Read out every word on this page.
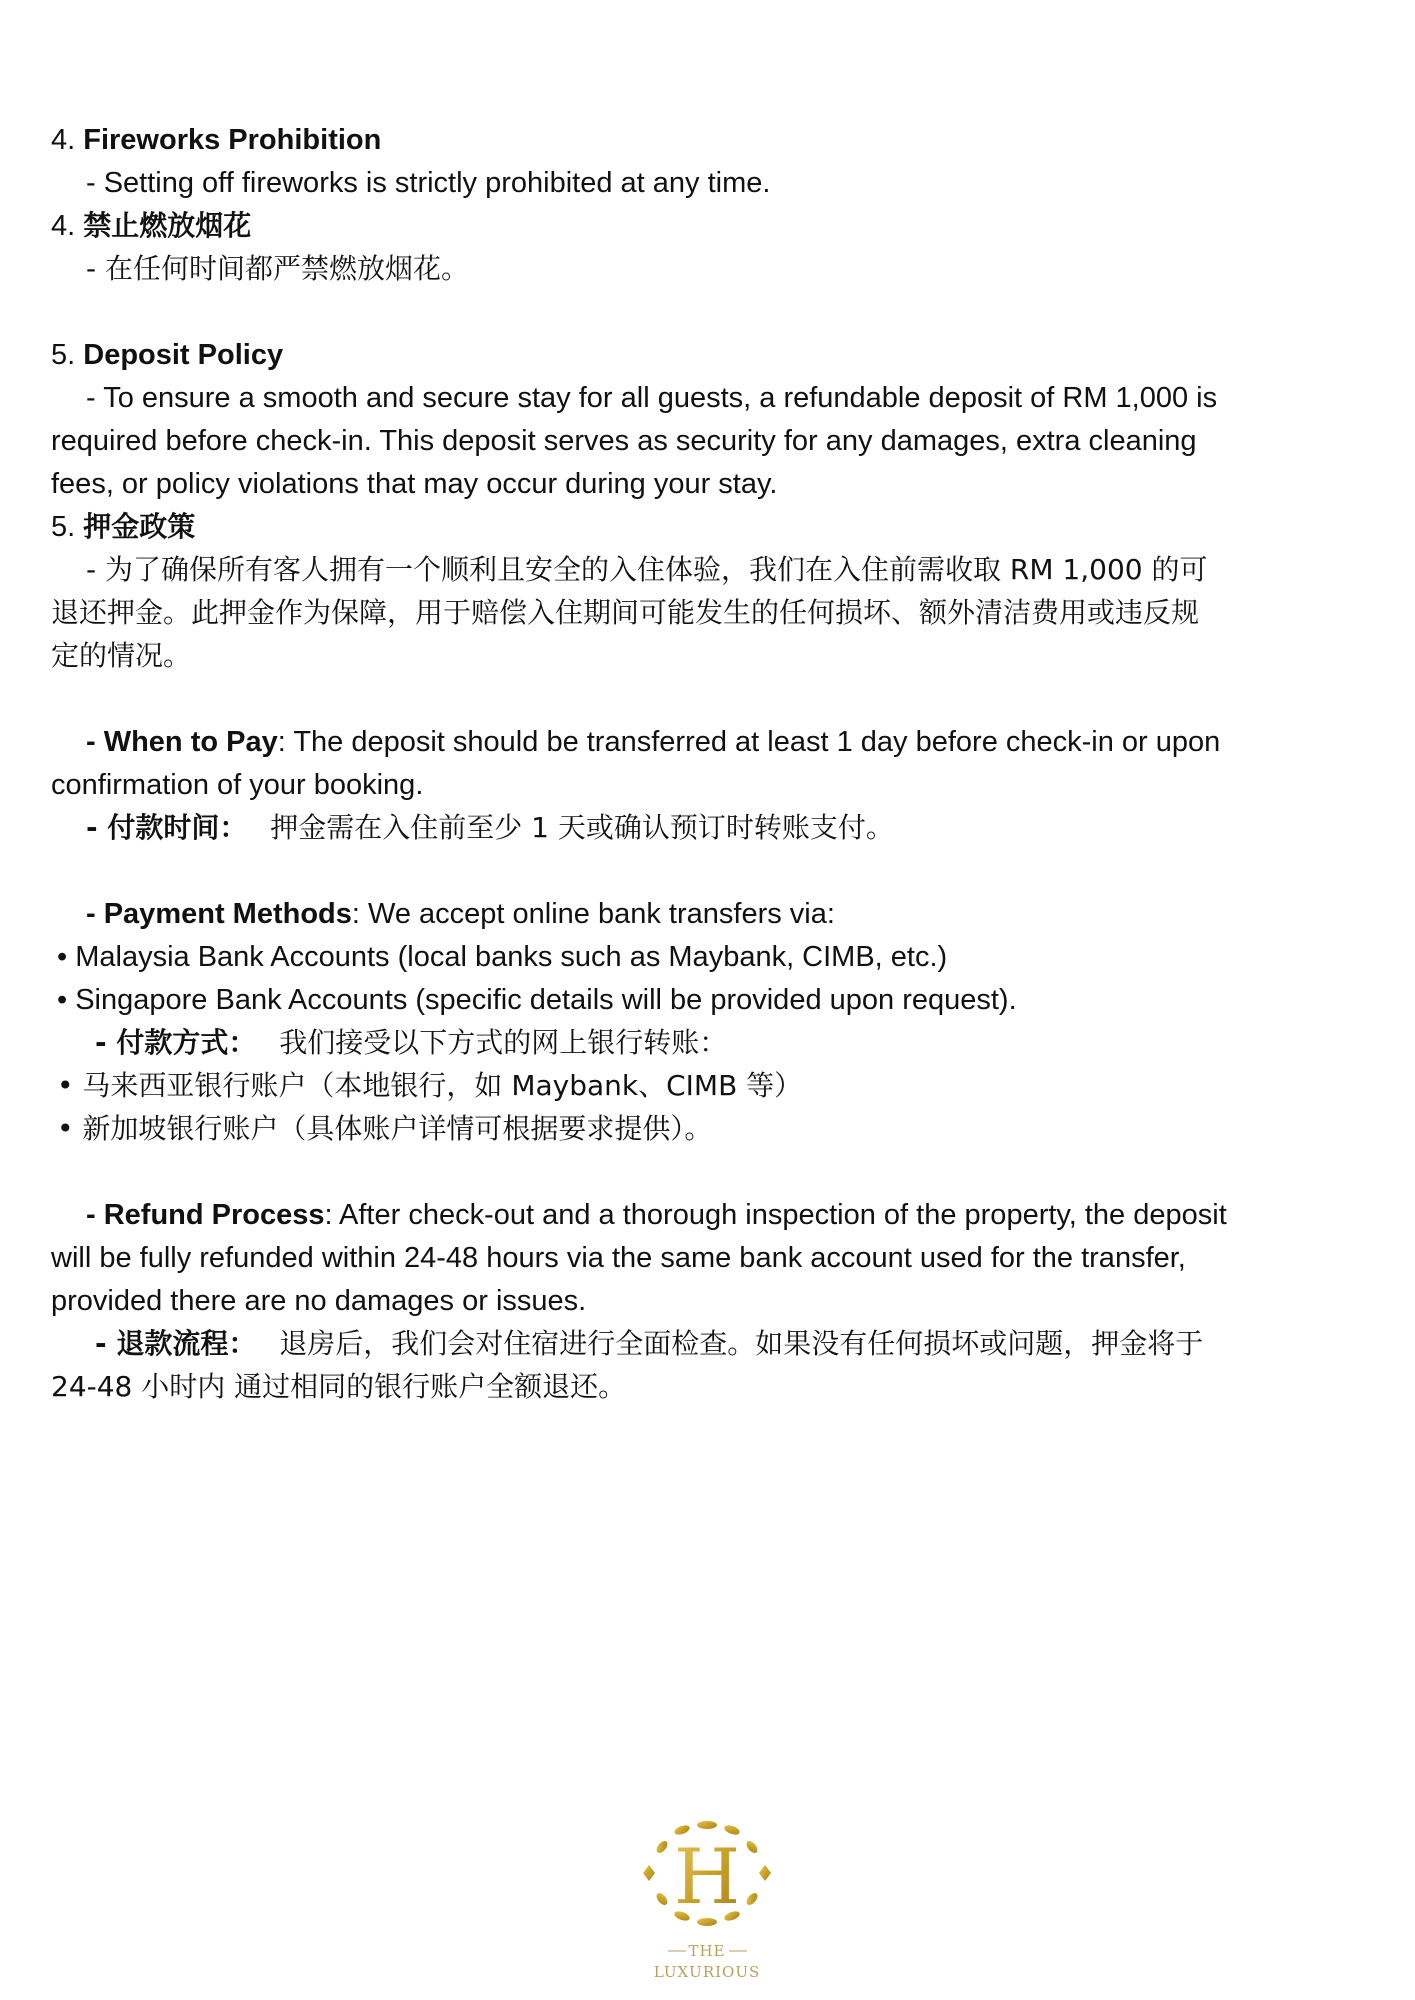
4. Fireworks Prohibition
- Setting off fireworks is strictly prohibited at any time.
4. 禁止燃放烟花
- 在任何时间都严禁燃放烟花。
5. Deposit Policy
- To ensure a smooth and secure stay for all guests, a refundable deposit of RM 1,000 is
required before check-in. This deposit serves as security for any damages, extra cleaning
fees, or policy violations that may occur during your stay.
5. 押金政策
- 为了确保所有客人拥有一个顺利且安全的入住体验，我们在入住前需收取 RM 1,000 的可
退还押金。此押金作为保障，用于赔偿入住期间可能发生的任何损坏、额外清洁费用或违反规
定的情况。
- When to Pay: The deposit should be transferred at least 1 day before check-in or upon
confirmation of your booking.
- 付款时间： 押金需在入住前至少 1 天或确认预订时转账支付。
- Payment Methods: We accept online bank transfers via:
• Malaysia Bank Accounts (local banks such as Maybank, CIMB, etc.)
• Singapore Bank Accounts (specific details will be provided upon request).
- 付款方式： 我们接受以下方式的网上银行转账：
• 马来西亚银行账户（本地银行，如 Maybank、CIMB 等）
• 新加坡银行账户（具体账户详情可根据要求提供）。
- Refund Process: After check-out and a thorough inspection of the property, the deposit
will be fully refunded within 24-48 hours via the same bank account used for the transfer,
provided there are no damages or issues.
- 退款流程： 退房后，我们会对住宿进行全面检查。如果没有任何损坏或问题，押金将于
24-48 小时内 通过相同的银行账户全额退还。
H
THE
LUXURIOUS
